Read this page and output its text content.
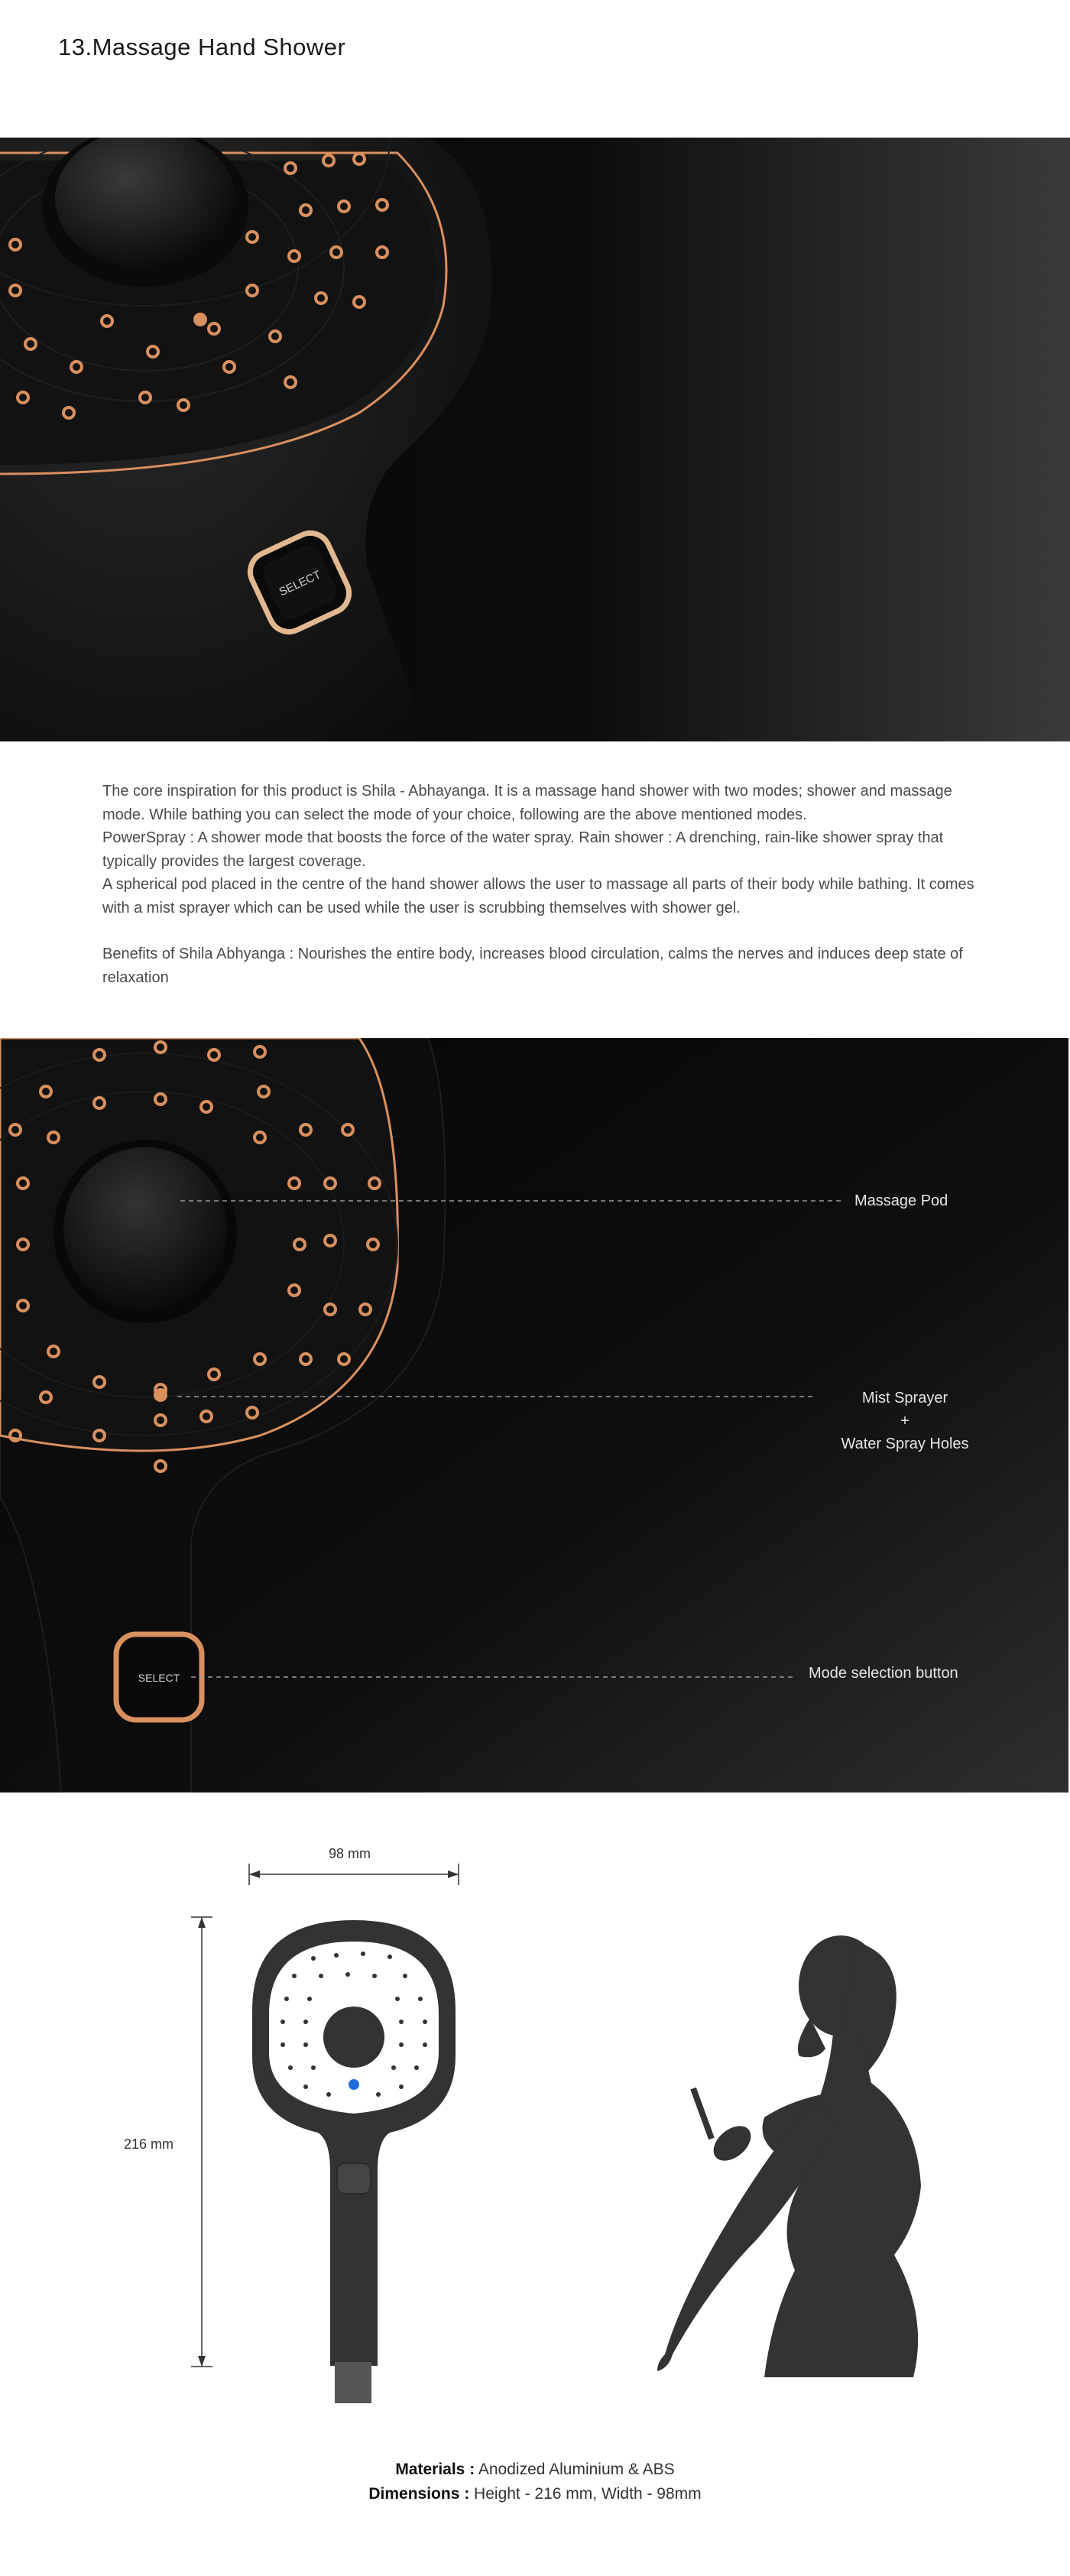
13.Massage Hand Shower
SELECT

The core inspiration for this product is Shila - Abhayanga. It is a massage hand shower with two modes; shower and massage mode. While bathing you can select the mode of your choice, following are the above mentioned modes.

PowerSpray : A shower mode that boosts the force of the water spray. Rain shower : A drenching, rain-like shower spray that typically provides the largest coverage.

A spherical pod placed in the centre of the hand shower allows the user to massage all parts of their body while bathing. It comes with a mist sprayer which can be used while the user is scrubbing themselves with shower gel.

Benefits of Shila Abhyanga : Nourishes the entire body, increases blood circulation, calms the nerves and induces deep state of relaxation

SELECT
Massage Pod
Mist Sprayer
+
Water Spray Holes
Mode selection button
98 mm
216 mm
Materials : Anodized Aluminium & ABS
Dimensions : Height - 216 mm, Width - 98mm
